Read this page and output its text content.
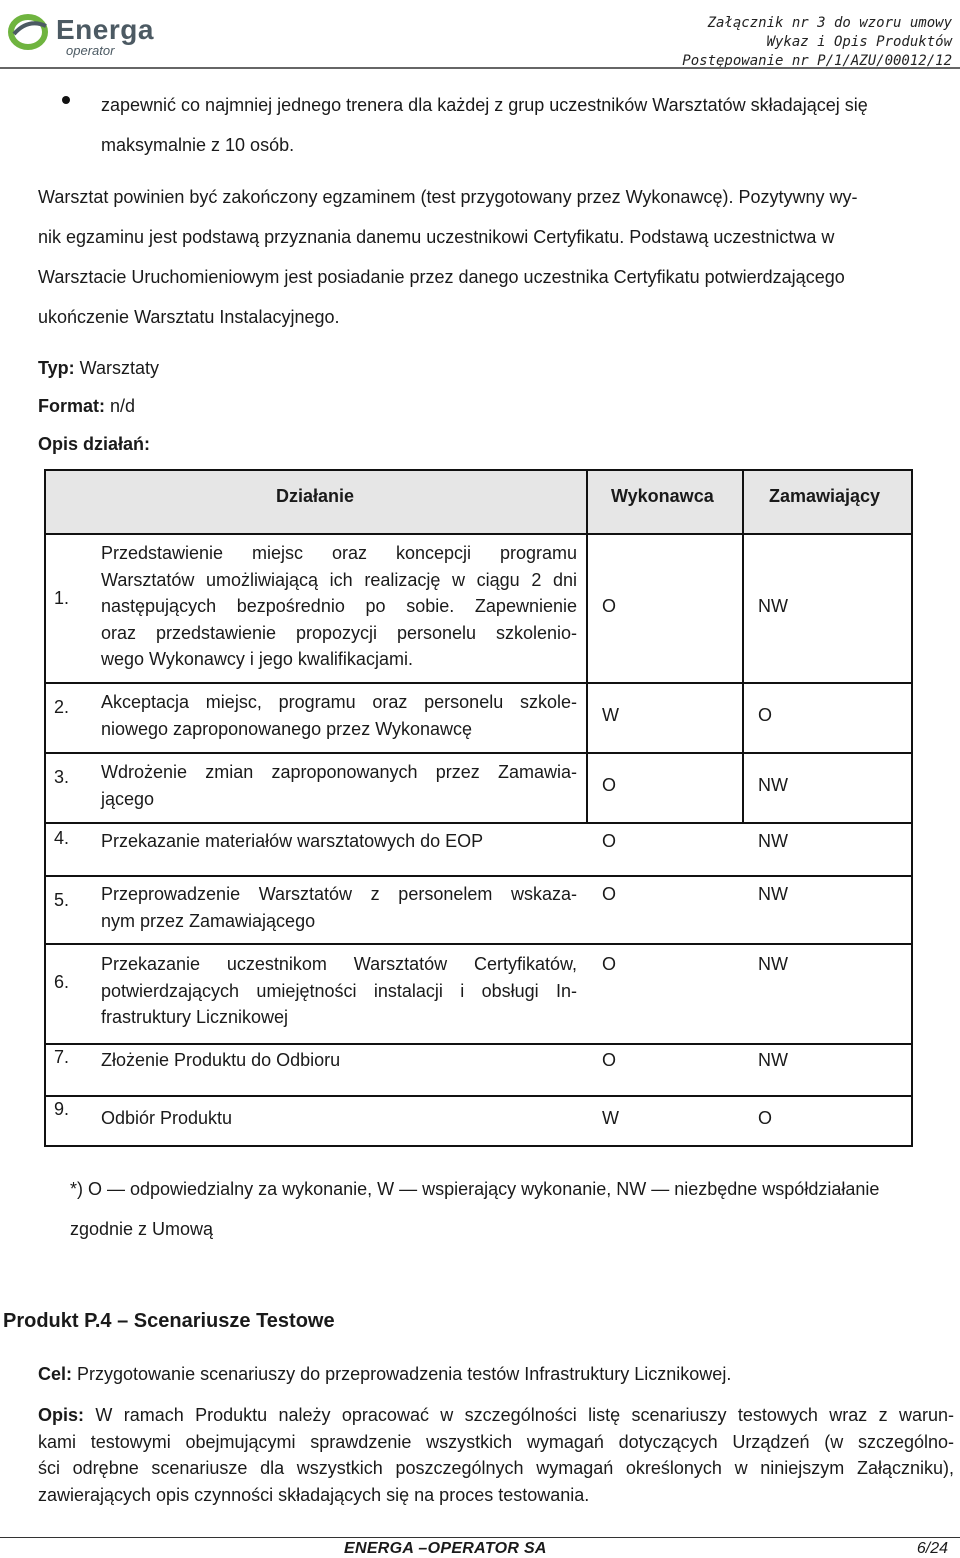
Energa
operator
Załącznik nr 3 do wzoru umowy
Wykaz i Opis Produktów
Postępowanie nr P/1/AZU/00012/12
zapewnić co najmniej jednego trenera dla każdej z grup uczestników Warsztatów składającej się
maksymalnie z 10 osób.
Warsztat powinien być zakończony egzaminem (test przygotowany przez Wykonawcę). Pozytywny wy-
nik egzaminu jest podstawą przyznania danemu uczestnikowi Certyfikatu. Podstawą uczestnictwa w
Warsztacie Uruchomieniowym jest posiadanie przez danego uczestnika Certyfikatu potwierdzającego
ukończenie Warsztatu Instalacyjnego.
Typ: Warsztaty
Format: n/d
Opis działań:
Działanie	Wykonawca	Zamawiający
1.
Przedstawienie miejsc oraz koncepcji programu
Warsztatów umożliwiającą ich realizację w ciągu 2 dni
następujących bezpośrednio po sobie. Zapewnienie
oraz przedstawienie propozycji personelu szkolenio-
wego Wykonawcy i jego kwalifikacjami.
O	NW
2. Akceptacja miejsc, programu oraz personelu szkole-
niowego zaproponowanego przez Wykonawcę
W	O
3. Wdrożenie zmian zaproponowanych przez Zamawia-
jącego
O	NW
4. Przekazanie materiałów warsztatowych do EOP	O	NW
5. Przeprowadzenie Warsztatów z personelem wskaza-
nym przez Zamawiającego
O	NW
6.
Przekazanie uczestnikom Warsztatów Certyfikatów,
potwierdzających umiejętności instalacji i obsługi In-
frastruktury Licznikowej
O	NW
7. Złożenie Produktu do Odbioru	O	NW
9. Odbiór Produktu	W	O
*) O — odpowiedzialny za wykonanie, W — wspierający wykonanie, NW — niezbędne współdziałanie
zgodnie z Umową
Produkt P.4 – Scenariusze Testowe
Cel: Przygotowanie scenariuszy do przeprowadzenia testów Infrastruktury Licznikowej.
Opis: W ramach Produktu należy opracować w szczególności listę scenariuszy testowych wraz z warun-
kami testowymi obejmującymi sprawdzenie wszystkich wymagań dotyczących Urządzeń (w szczególno-
ści odrębne scenariusze dla wszystkich poszczególnych wymagań określonych w niniejszym Załączniku),
zawierających opis czynności składających się na proces testowania.
ENERGA –OPERATOR SA	6/24
